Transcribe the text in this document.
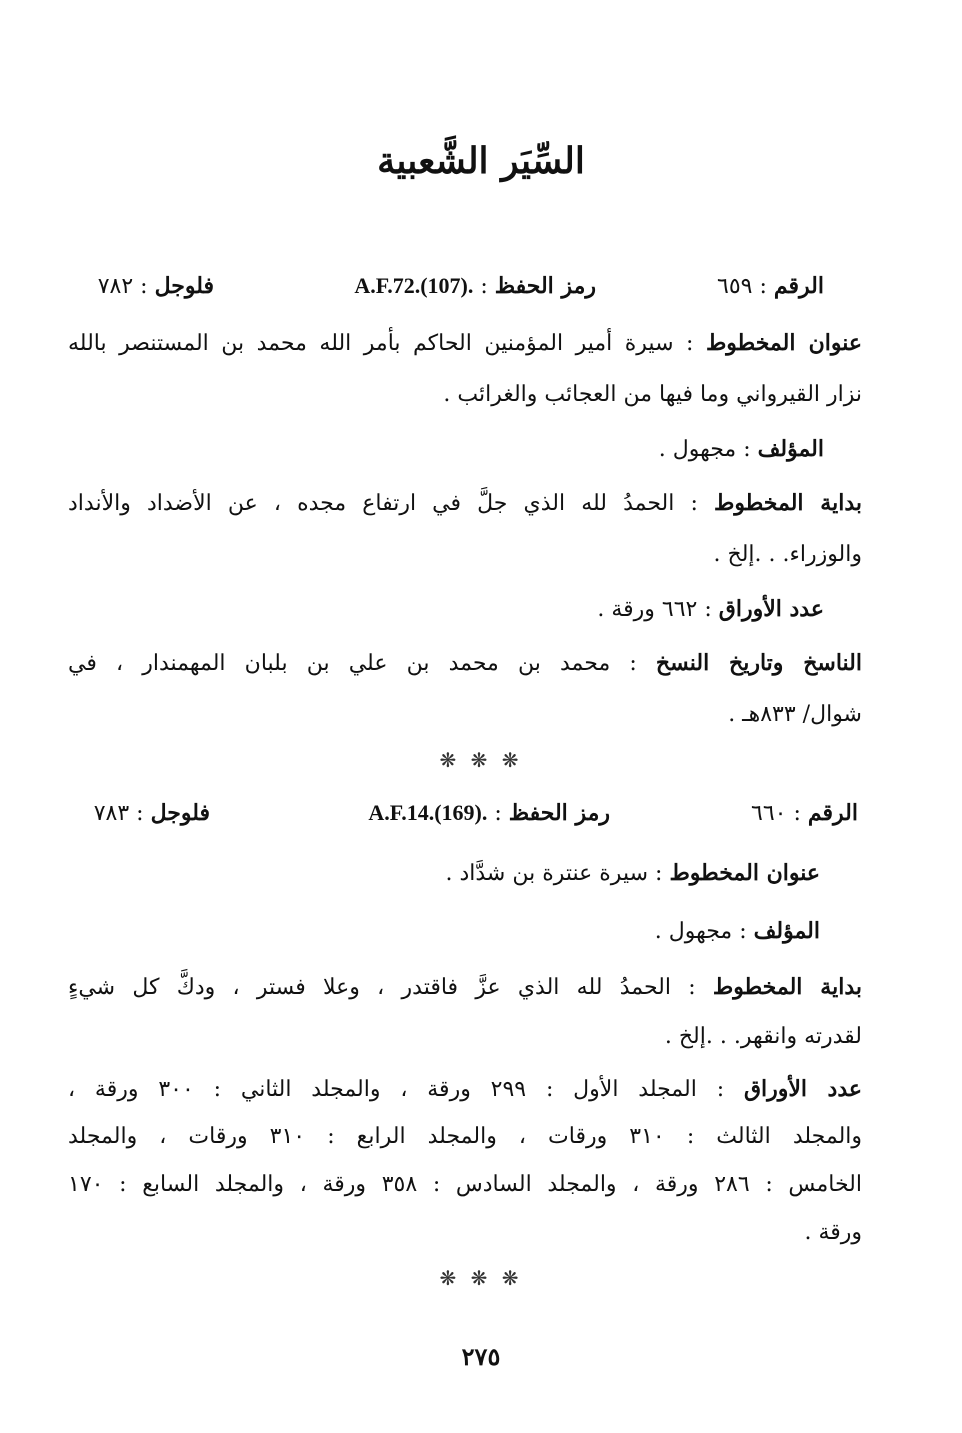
السِّيَر الشَّعبية
الرقم : ٦٥٩
رمز الحفظ : A.F.72.(107).
فلوجل : ٧٨٢
عنوان المخطوط : سيرة أمير المؤمنين الحاكم بأمر الله محمد بن المستنصر بالله
نزار القيرواني وما فيها من العجائب والغرائب .
المؤلف : مجهول .
بداية المخطوط : الحمدُ لله الذي جلَّ في ارتفاع مجده ، عن الأضداد والأنداد
والوزراء. . .إلخ .
عدد الأوراق : ٦٦٢ ورقة .
الناسخ وتاريخ النسخ : محمد بن محمد بن علي بن بلبان المهمندار ، في
شوال/ ٨٣٣هـ .
❋ ❋ ❋
الرقم : ٦٦٠
رمز الحفظ : A.F.14.(169).
فلوجل : ٧٨٣
عنوان المخطوط : سيرة عنترة بن شدَّاد .
المؤلف : مجهول .
بداية المخطوط : الحمدُ لله الذي عزَّ فاقتدر ، وعلا فستر ، ودكَّ كل شيءٍ
لقدرته وانقهر. . .إلخ .
عدد الأوراق : المجلد الأول : ٢٩٩ ورقة ، والمجلد الثاني : ٣٠٠ ورقة ،
والمجلد الثالث : ٣١٠ ورقات ، والمجلد الرابع : ٣١٠ ورقات ، والمجلد
الخامس : ٢٨٦ ورقة ، والمجلد السادس : ٣٥٨ ورقة ، والمجلد السابع : ١٧٠
ورقة .
❋ ❋ ❋
٢٧٥
